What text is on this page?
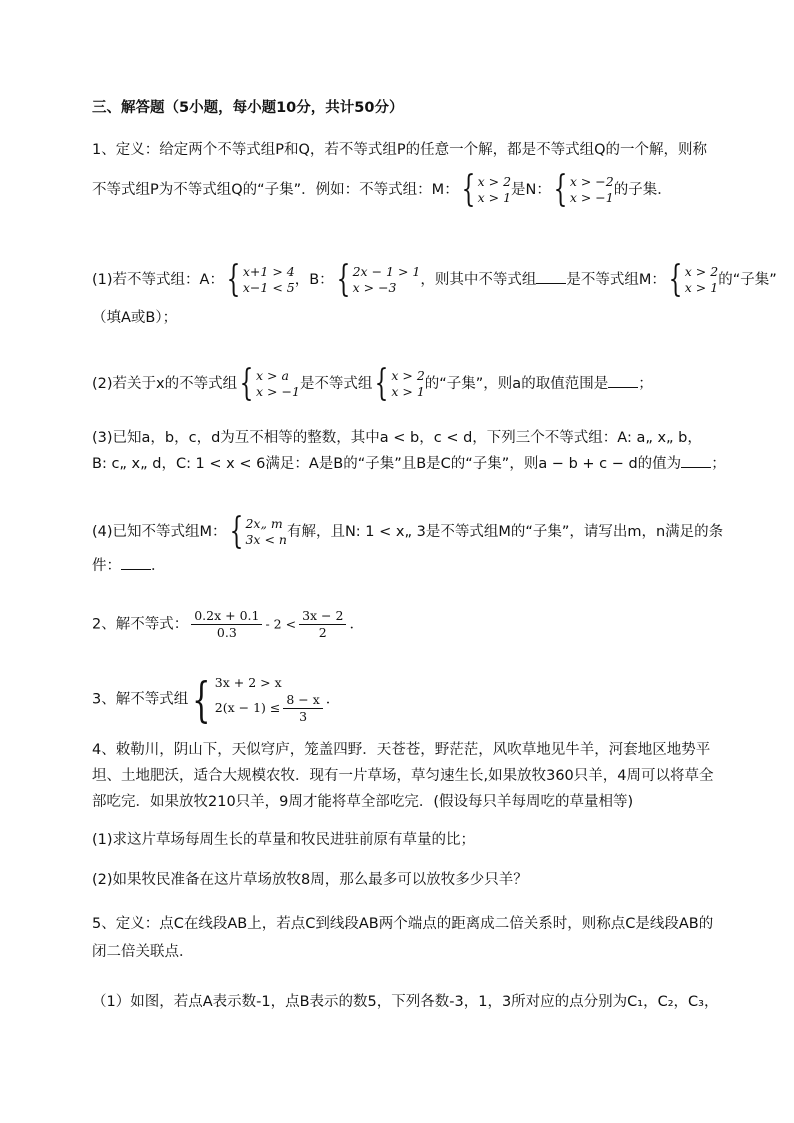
三、解答题（5小题，每小题10分，共计50分）
1、定义：给定两个不等式组P和Q，若不等式组P的任意一个解，都是不等式组Q的一个解，则称
不等式组P为不等式组Q的“子集”．例如：不等式组：M： { x > 2
x > 1 是N： { x > −2
x > −1 的子集．
(1)若不等式组：A： { x+1 > 4
x−1 < 5 ，B： { 2x − 1 > 1
x > −3	，则其中不等式组 是不等式组M： { x > 2
x > 1 的“子集”
（填A或B）；
(2)若关于x的不等式组 { x > a
x > −1 是不等式组 { x > 2
x > 1 的“子集”，则a的取值范围是 ；
(3)已知a，b，c，d为互不相等的整数，其中a < b，c < d，下列三个不等式组：A: a„ x„ b，
B: c„ x„ d，C: 1 < x < 6满足：A是B的“子集”且B是C的“子集”，则a − b + c − d的值为 ；
(4)已知不等式组M： { 2x„ m
3x < n 有解，且N: 1 < x„ 3是不等式组M的“子集”，请写出m，n满足的条
件： ．
2、解不等式： $\frac{0.2x + 0.1}{0.3} - 2 < \frac{3x - 2}{2}$ ．
3、解不等式组 { 3x + 2 > x
$2(x - 1) \le \frac{8 - x}{3}$ ．
4、敕勒川，阴山下，天似穹庐，笼盖四野．天苍苍，野茫茫，风吹草地见牛羊，河套地区地势平
坦、土地肥沃，适合大规模农牧．现有一片草场，草匀速生长,如果放牧360只羊，4周可以将草全
部吃完．如果放牧210只羊，9周才能将草全部吃完．(假设每只羊每周吃的草量相等)
(1)求这片草场每周生长的草量和牧民进驻前原有草量的比；
(2)如果牧民准备在这片草场放牧8周，那么最多可以放牧多少只羊？
5、定义：点C在线段AB上，若点C到线段AB两个端点的距离成二倍关系时，则称点C是线段AB的
闭二倍关联点．
（1）如图，若点A表示数-1，点B表示的数5，下列各数-3，1，3所对应的点分别为C₁，C₂，C₃，
